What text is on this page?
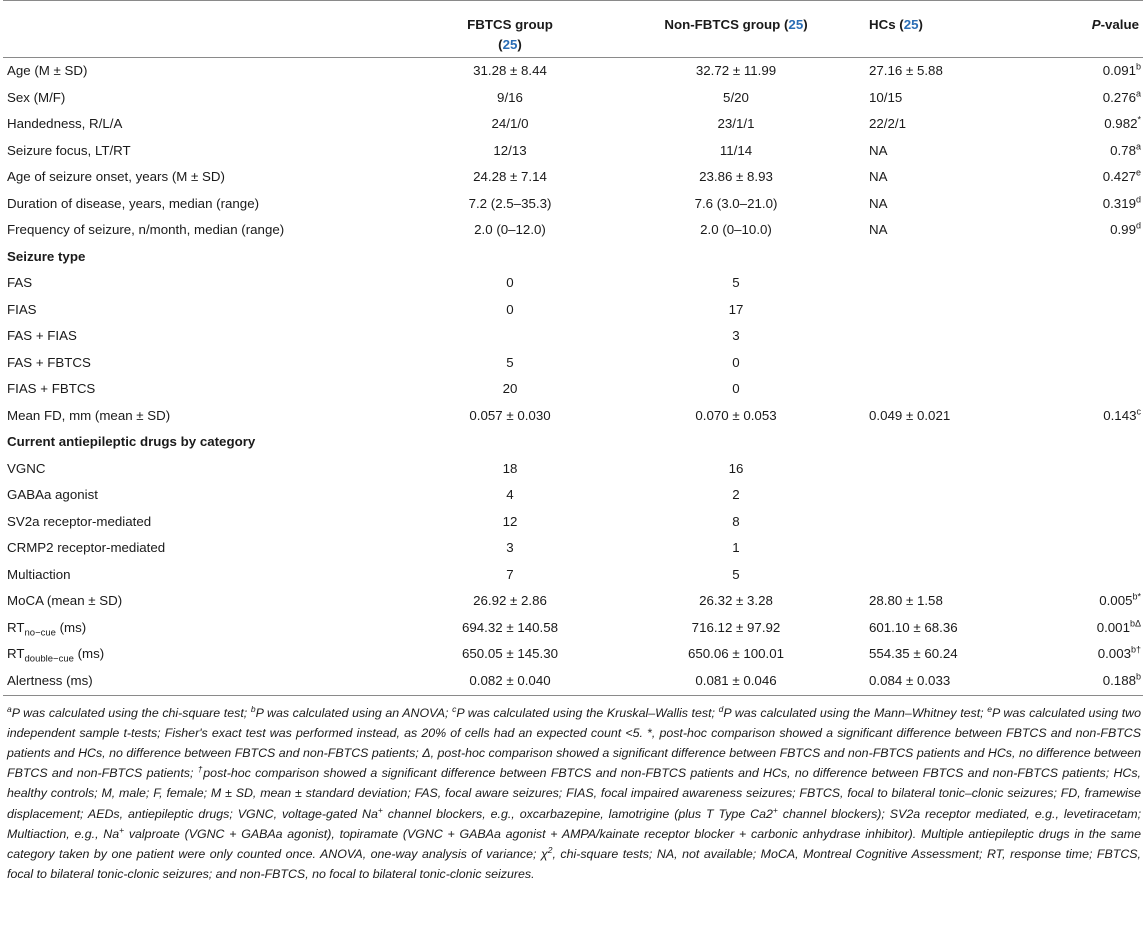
	FBTCS group
(25)	Non-FBTCS group (25)	HCs (25)	P-value
Age (M ± SD)	31.28 ± 8.44	32.72 ± 11.99	27.16 ± 5.88	0.091$^b$
Sex (M/F)	9/16	5/20	10/15	0.276$^a$
Handedness, R/L/A	24/1/0	23/1/1	22/2/1	0.982*
Seizure focus, LT/RT	12/13	11/14	NA	0.78$^a$
Age of seizure onset, years (M ± SD)	24.28 ± 7.14	23.86 ± 8.93	NA	0.427e
Duration of disease, years, median (range)	7.2 (2.5–35.3)	7.6 (3.0–21.0)	NA	0.319$^d$
Frequency of seizure, n/month, median (range)	2.0 (0–12.0)	2.0 (0–10.0)	NA	0.99$^d$
Seizure type				
FAS	0	5		
FIAS	0	17		
FAS + FIAS		3		
FAS + FBTCS	5	0		
FIAS + FBTCS	20	0		
Mean FD, mm (mean ± SD)	0.057 ± 0.030	0.070 ± 0.053	0.049 ± 0.021	0.143$^c$
Current antiepileptic drugs by category				
VGNC	18	16		
GABAa agonist	4	2		
SV2a receptor-mediated	12	8		
CRMP2 receptor-mediated	3	1		
Multiaction	7	5		
MoCA (mean ± SD)	26.92 ± 2.86	26.32 ± 3.28	28.80 ± 1.58	$0.005^{b*}$
$RT_{no-cue}$ (ms)	694.32 ± 140.58	716.12 ± 97.92	601.10 ± 68.36	$0.001^{b\Delta}$
$RT_{double-cue}$ (ms)	650.05 ± 145.30	650.06 ± 100.01	554.35 ± 60.24	$0.003^{b\dagger}$
Alertness (ms)	0.082 ± 0.040	0.081 ± 0.046	0.084 ± 0.033	0.188$^b$

$^a$P was calculated using the chi-square test; $^b$P was calculated using an ANOVA; $^c$P was calculated using the Kruskal–Wallis test; $^d$P was calculated using the Mann–Whitney test; $^e$P was calculated using two independent sample t-tests; Fisher's exact test was performed instead, as 20% of cells had an expected count <5. *, post-hoc comparison showed a significant difference between FBTCS and non-FBTCS patients and HCs, no difference between FBTCS and non-FBTCS patients; Δ, post-hoc comparison showed a significant difference between FBTCS and non-FBTCS patients and HCs, no difference between FBTCS and non-FBTCS patients; †post-hoc comparison showed a significant difference between FBTCS and non-FBTCS patients and HCs, no difference between FBTCS and non-FBTCS patients; HCs, healthy controls; M, male; F, female; M ± SD, mean ± standard deviation; FAS, focal aware seizures; FIAS, focal impaired awareness seizures; FBTCS, focal to bilateral tonic–clonic seizures; FD, framewise displacement; AEDs, antiepileptic drugs; VGNC, voltage-gated Na+ channel blockers, e.g., oxcarbazepine, lamotrigine (plus T Type Ca2+ channel blockers); SV2a receptor mediated, e.g., levetiracetam; Multiaction, e.g., Na+ valproate (VGNC + GABAa agonist), topiramate (VGNC + GABAa agonist + AMPA/kainate receptor blocker + carbonic anhydrase inhibitor). Multiple antiepileptic drugs in the same category taken by one patient were only counted once. ANOVA, one-way analysis of variance; $\chi^2$, chi-square tests; NA, not available; MoCA, Montreal Cognitive Assessment; RT, response time; FBTCS, focal to bilateral tonic-clonic seizures; and non-FBTCS, no focal to bilateral tonic-clonic seizures.
